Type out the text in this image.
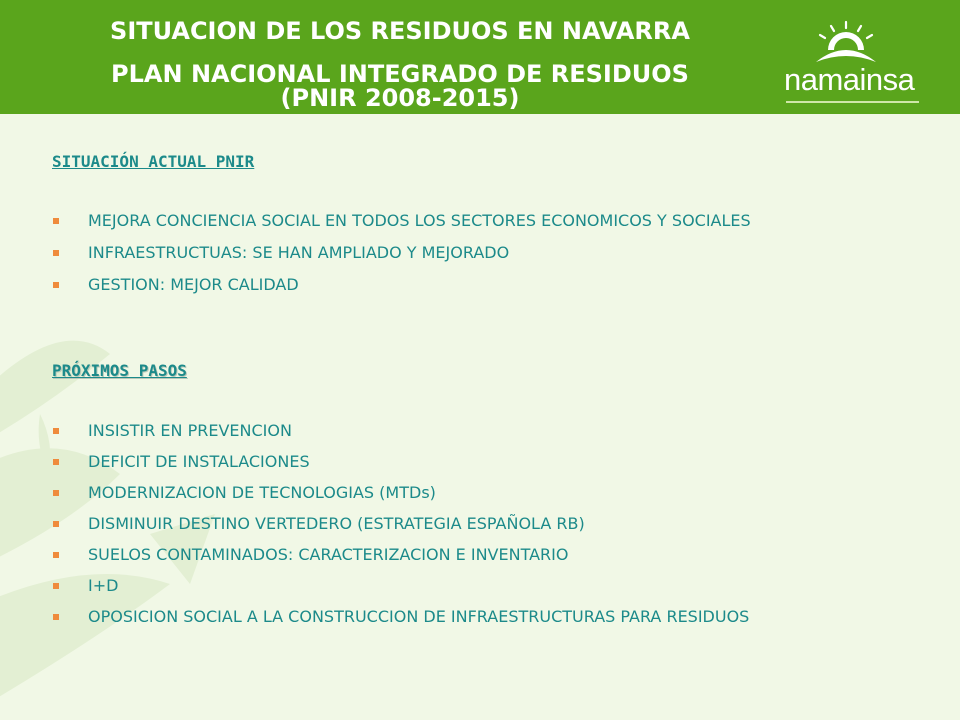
SITUACION DE LOS RESIDUOS EN NAVARRA
PLAN NACIONAL INTEGRADO DE RESIDUOS
(PNIR 2008-2015)
namainsa
SITUACIÓN ACTUAL PNIR
MEJORA CONCIENCIA SOCIAL EN TODOS LOS SECTORES ECONOMICOS Y SOCIALES
INFRAESTRUCTUAS: SE HAN AMPLIADO Y MEJORADO
GESTION: MEJOR CALIDAD
PRÓXIMOS PASOS
INSISTIR EN PREVENCION
DEFICIT DE INSTALACIONES
MODERNIZACION DE TECNOLOGIAS (MTDs)
DISMINUIR DESTINO VERTEDERO (ESTRATEGIA ESPAÑOLA RB)
SUELOS CONTAMINADOS: CARACTERIZACION E INVENTARIO
I+D
OPOSICION SOCIAL A LA CONSTRUCCION DE INFRAESTRUCTURAS PARA RESIDUOS
